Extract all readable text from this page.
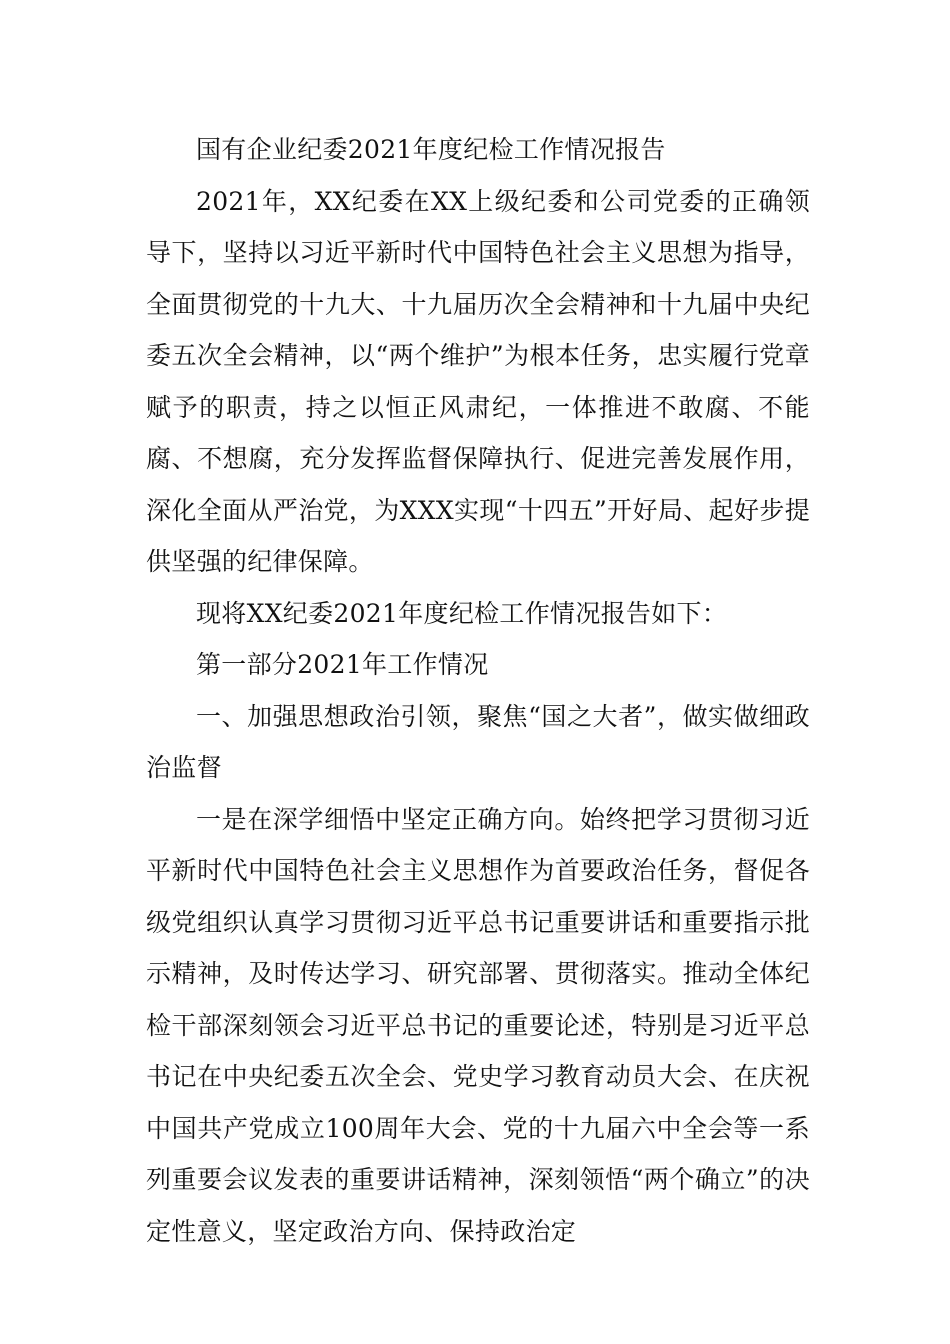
国有企业纪委2021年度纪检工作情况报告

2021年，XX纪委在XX上级纪委和公司党委的正确领导下，坚持以习近平新时代中国特色社会主义思想为指导，全面贯彻党的十九大、十九届历次全会精神和十九届中央纪委五次全会精神，以“两个维护”为根本任务，忠实履行党章赋予的职责，持之以恒正风肃纪，一体推进不敢腐、不能腐、不想腐，充分发挥监督保障执行、促进完善发展作用，深化全面从严治党，为XXX实现“十四五”开好局、起好步提供坚强的纪律保障。

现将XX纪委2021年度纪检工作情况报告如下：

第一部分2021年工作情况

一、加强思想政治引领，聚焦“国之大者”，做实做细政治监督

一是在深学细悟中坚定正确方向。始终把学习贯彻习近平新时代中国特色社会主义思想作为首要政治任务，督促各级党组织认真学习贯彻习近平总书记重要讲话和重要指示批示精神，及时传达学习、研究部署、贯彻落实。推动全体纪检干部深刻领会习近平总书记的重要论述，特别是习近平总书记在中央纪委五次全会、党史学习教育动员大会、在庆祝中国共产党成立100周年大会、党的十九届六中全会等一系列重要会议发表的重要讲话精神，深刻领悟“两个确立”的决定性意义，坚定政治方向、保持政治定
